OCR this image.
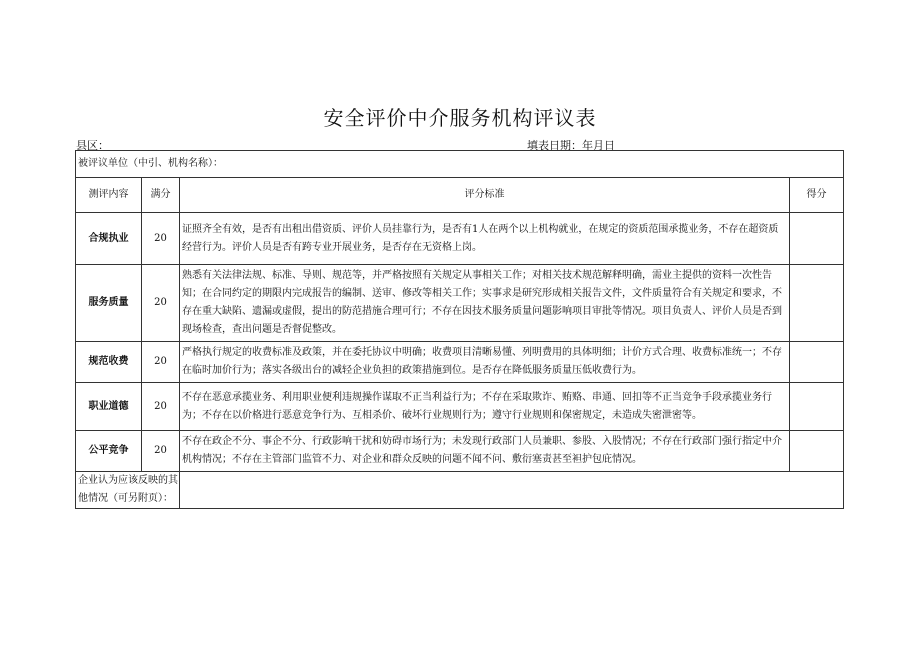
安全评价中介服务机构评议表
县区：	填表日期：年月日
被评议单位（中引、机构名称）：			
测评内容	满分	评分标准	得分
合规执业	20	证照齐全有效，是否有出租出借资质、评价人员挂靠行为，是否有1人在两个以上机构就业，在规定的资质范围承揽业务，不存在超资质经营行为。评价人员是否有跨专业开展业务，是否存在无资格上岗。	
服务质量	20	熟悉有关法律法规、标准、导则、规范等，并严格按照有关规定从事相关工作；对相关技术规范解释明确，需业主提供的资料一次性告知；在合同约定的期限内完成报告的编制、送审、修改等相关工作；实事求是研究形成相关报告文件，文件质量符合有关规定和要求，不存在重大缺陷、遗漏或虚假，提出的防范措施合理可行；不存在因技术服务质量问题影响项目审批等情况。项目负责人、评价人员是否到现场检查，查出问题是否督促整改。	
规范收费	20	严格执行规定的收费标准及政策，并在委托协议中明确；收费项目清晰易懂、列明费用的具体明细；计价方式合理、收费标准统一；不存在临时加价行为；落实各级出台的减轻企业负担的政策措施到位。是否存在降低服务质量压低收费行为。	
职业道德	20	不存在恶意承揽业务、利用职业便利违规操作谋取不正当利益行为；不存在采取欺诈、贿赂、串通、回扣等不正当竞争手段承揽业务行为；不存在以价格进行恶意竞争行为、互相杀价、破坏行业规则行为；遵守行业规则和保密规定，未造成失密泄密等。	
公平竞争	20	不存在政企不分、事企不分、行政影响干扰和妨碍市场行为；未发现行政部门人员兼职、参股、入股情况；不存在行政部门强行指定中介机构情况；不存在主管部门监管不力、对企业和群众反映的问题不闻不问、敷衍塞责甚至袒护包庇情况。	
企业认为应该反映的其他情况（可另附页）：			
